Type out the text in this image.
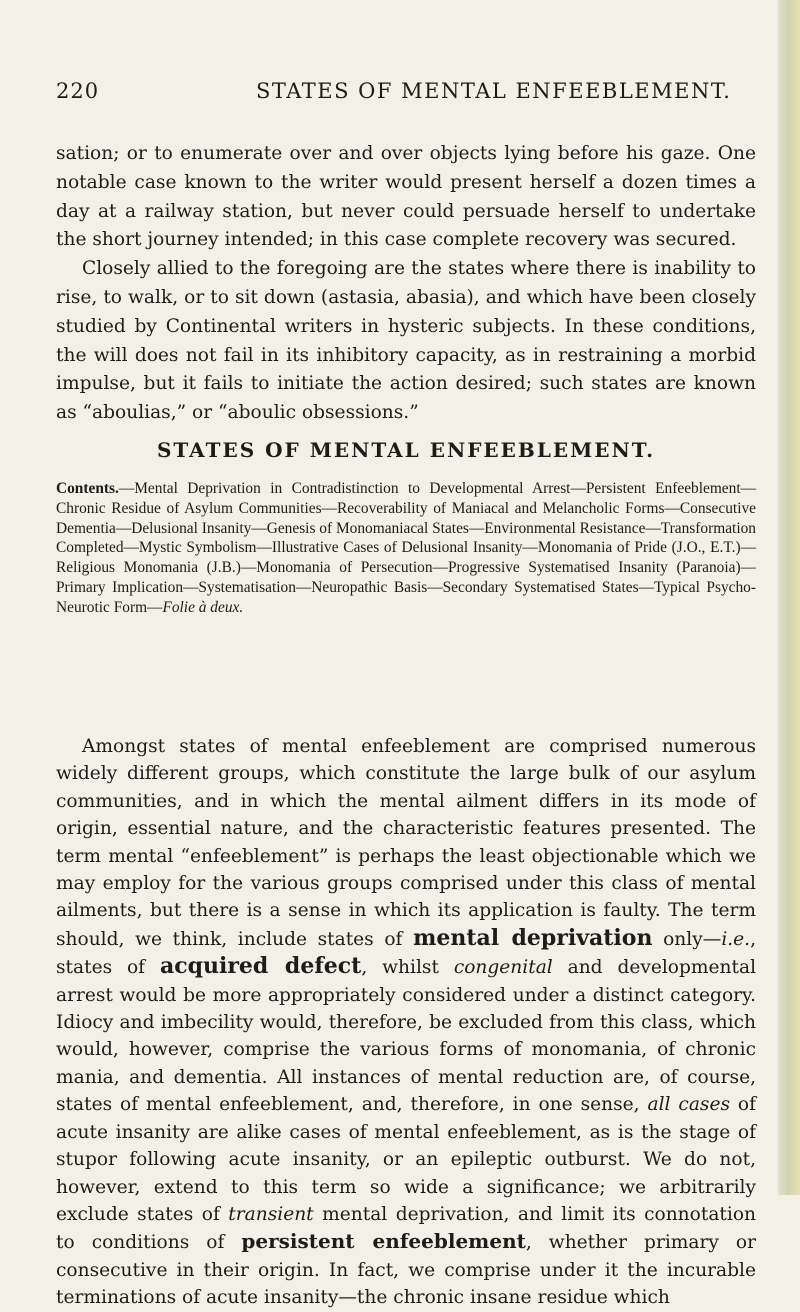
220	STATES OF MENTAL ENFEEBLEMENT.

sation; or to enumerate over and over objects lying before his gaze. One notable case known to the writer would present herself a dozen times a day at a railway station, but never could persuade herself to undertake the short journey intended; in this case complete recovery was secured.

Closely allied to the foregoing are the states where there is inability to rise, to walk, or to sit down (astasia, abasia), and which have been closely studied by Continental writers in hysteric subjects. In these conditions, the will does not fail in its inhibitory capacity, as in restraining a morbid impulse, but it fails to initiate the action desired; such states are known as “aboulias,” or “aboulic obsessions.”

STATES OF MENTAL ENFEEBLEMENT.
Contents.—Mental Deprivation in Contradistinction to Developmental Arrest—Persistent Enfeeblement—Chronic Residue of Asylum Communities—Recoverability of Maniacal and Melancholic Forms—Consecutive Dementia—Delusional Insanity—Genesis of Monomaniacal States—Environmental Resistance—Transformation Completed—Mystic Symbolism—Illustrative Cases of Delusional Insanity—Monomania of Pride (J.O., E.T.)—Religious Monomania (J.B.)—Monomania of Persecution—Progressive Systematised Insanity (Paranoia)—Primary Implication—Systematisation—Neuropathic Basis—Secondary Systematised States—Typical Psycho-Neurotic Form—Folie à deux.

Amongst states of mental enfeeblement are comprised numerous widely different groups, which constitute the large bulk of our asylum communities, and in which the mental ailment differs in its mode of origin, essential nature, and the characteristic features presented. The term mental “enfeeblement” is perhaps the least objectionable which we may employ for the various groups comprised under this class of mental ailments, but there is a sense in which its application is faulty. The term should, we think, include states of mental deprivation only—i.e., states of acquired defect, whilst congenital and developmental arrest would be more appropriately considered under a distinct category. Idiocy and imbecility would, therefore, be excluded from this class, which would, however, comprise the various forms of monomania, of chronic mania, and dementia. All instances of mental reduction are, of course, states of mental enfeeblement, and, therefore, in one sense, all cases of acute insanity are alike cases of mental enfeeblement, as is the stage of stupor following acute insanity, or an epileptic outburst. We do not, however, extend to this term so wide a significance; we arbitrarily exclude states of transient mental deprivation, and limit its connotation to conditions of persistent enfeeblement, whether primary or consecutive in their origin. In fact, we comprise under it the incurable terminations of acute insanity—the chronic insane residue which
